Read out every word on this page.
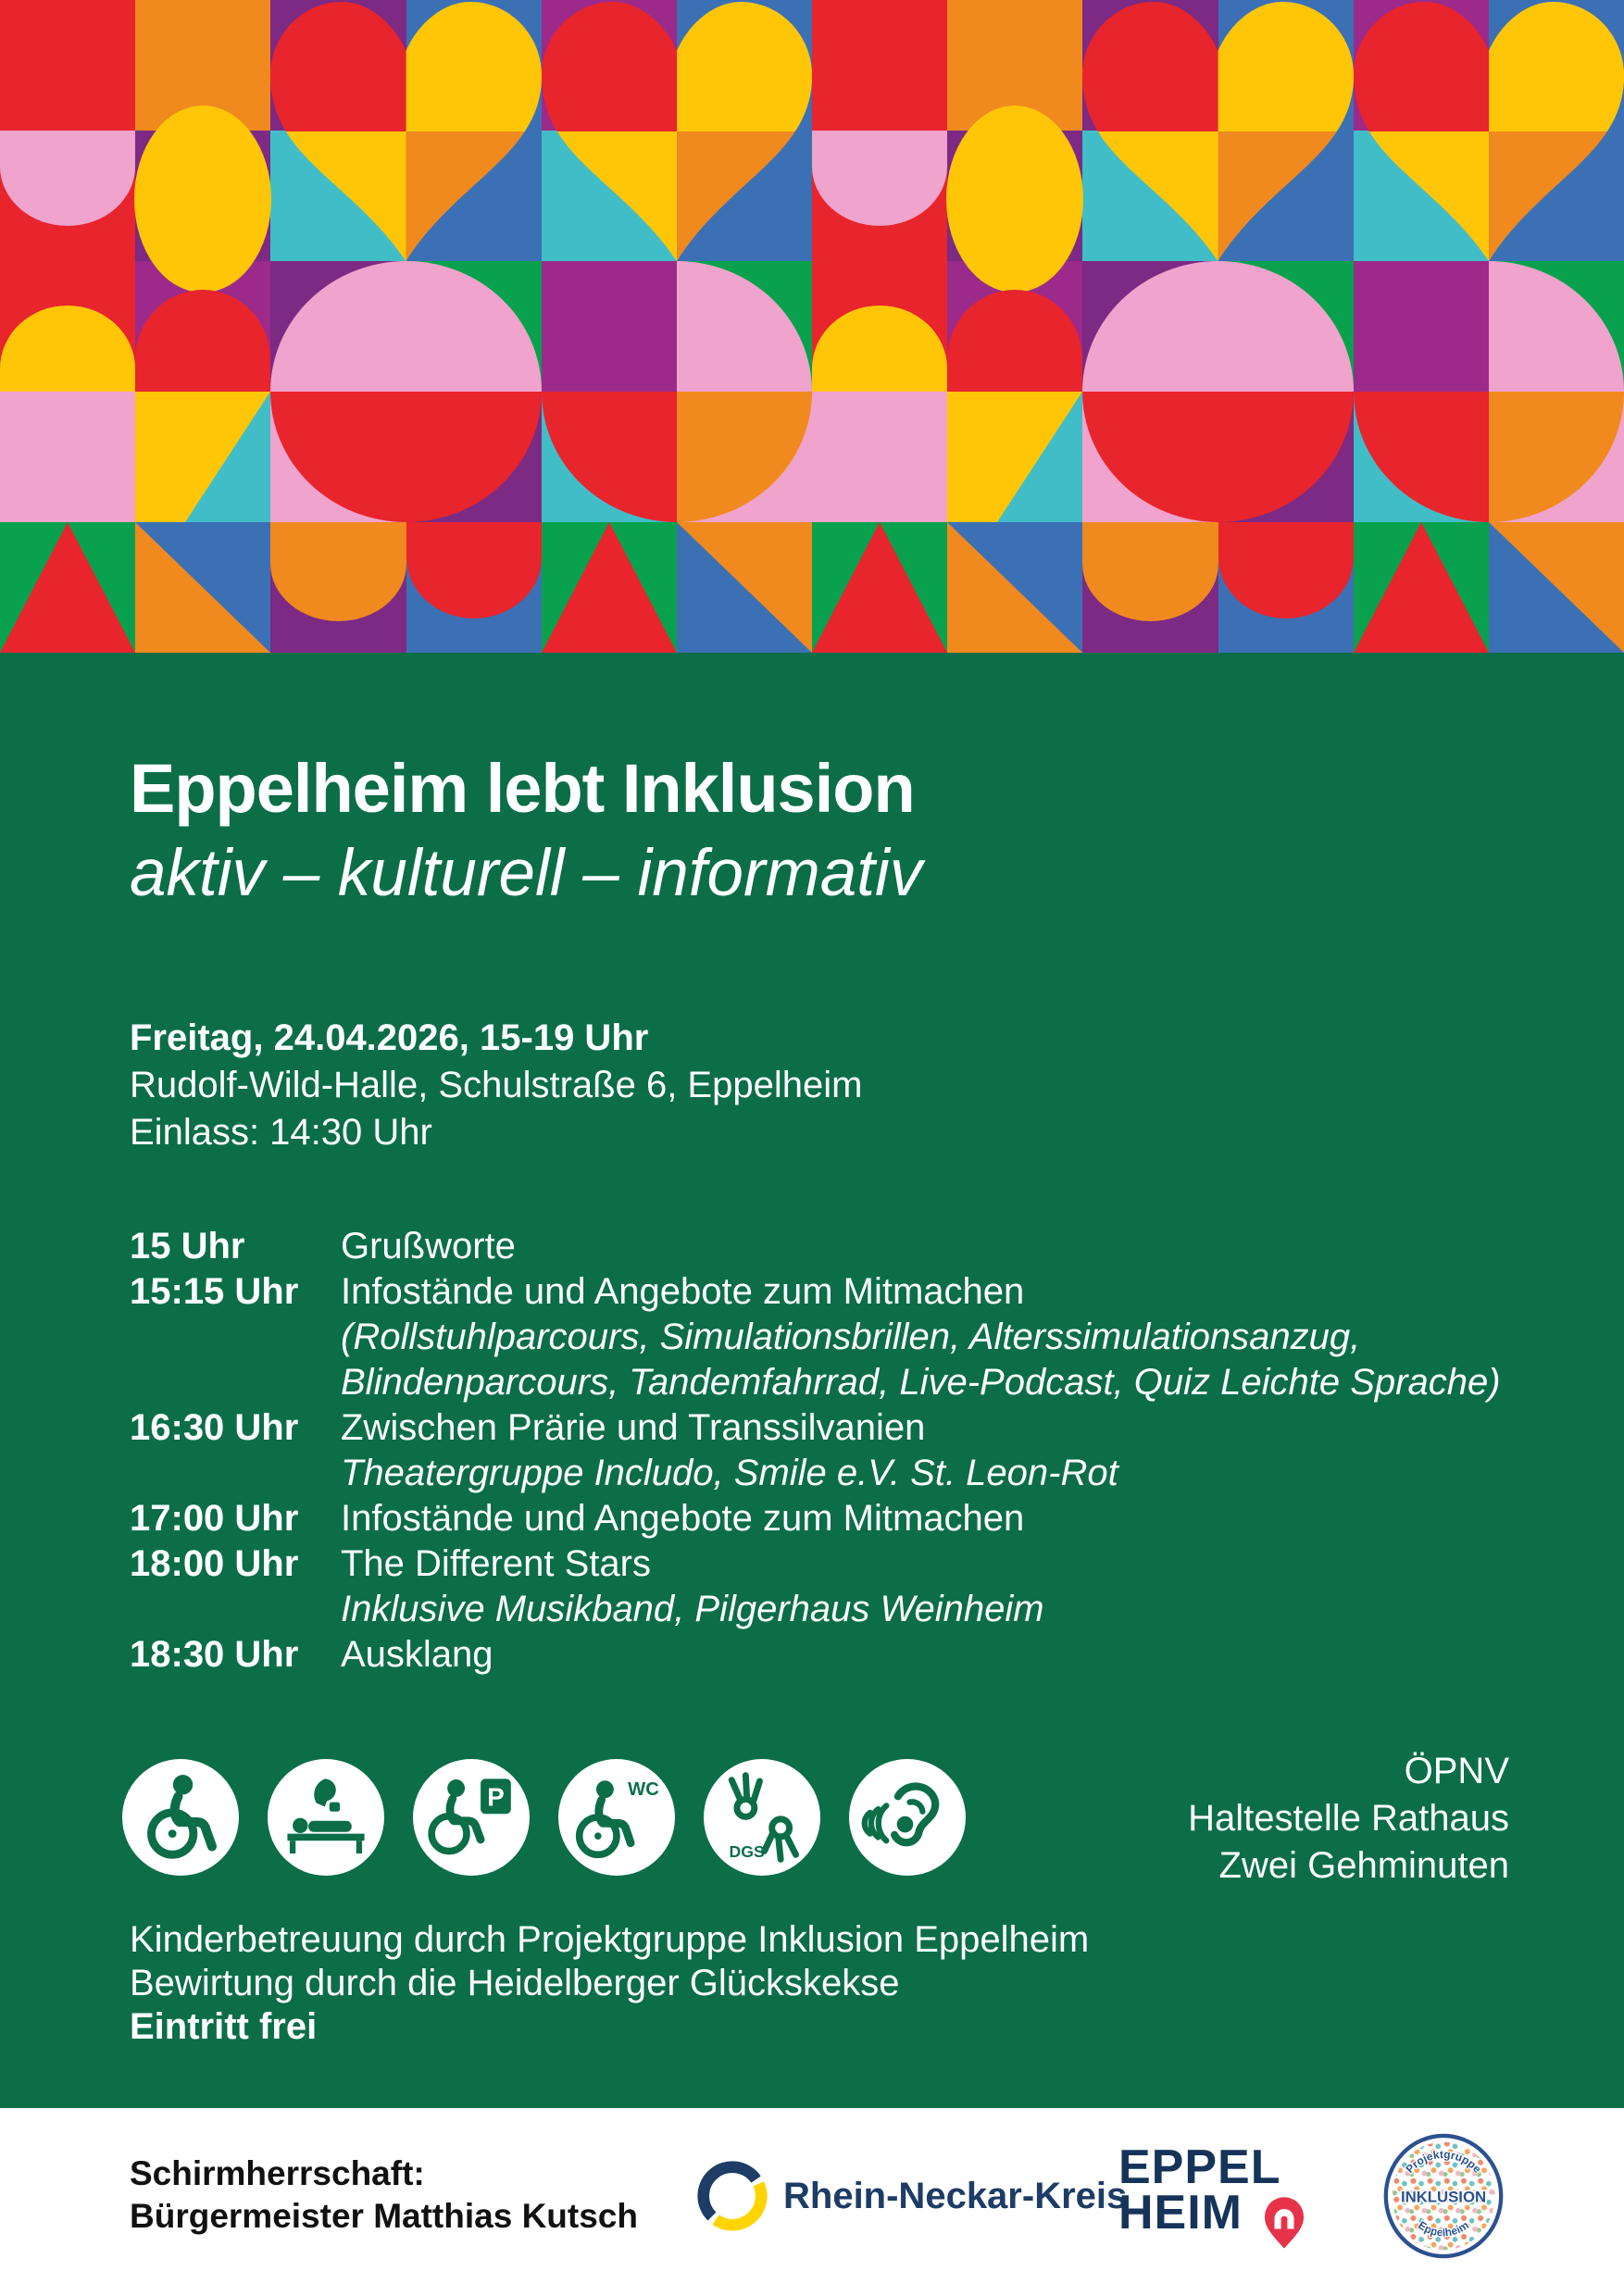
Eppelheim lebt Inklusion
aktiv – kulturell – informativ
Freitag, 24.04.2026, 15-19 Uhr
Rudolf-Wild-Halle, Schulstraße 6, Eppelheim
Einlass: 14:30 Uhr
15 Uhr	Grußworte
15:15 Uhr	Infostände und Angebote zum Mitmachen
(Rollstuhlparcours, Simulationsbrillen, Alterssimulationsanzug,
Blindenparcours, Tandemfahrrad, Live-Podcast, Quiz Leichte Sprache)
16:30 Uhr	Zwischen Prärie und Transsilvanien
Theatergruppe Includo, Smile e.V. St. Leon-Rot
17:00 Uhr	Infostände und Angebote zum Mitmachen
18:00 Uhr	The Different Stars
Inklusive Musikband, Pilgerhaus Weinheim
18:30 Uhr	Ausklang
P	WC
DGS
ÖPNV
Haltestelle Rathaus
Zwei Gehminuten
Kinderbetreuung durch Projektgruppe Inklusion Eppelheim
Bewirtung durch die Heidelberger Glückskekse
Eintritt frei
Schirmherrschaft:
Bürgermeister Matthias Kutsch	Rhein-Neckar-Kreis
EPPEL
HEIM
Projektgruppe
INKLUSION
Eppelheim
